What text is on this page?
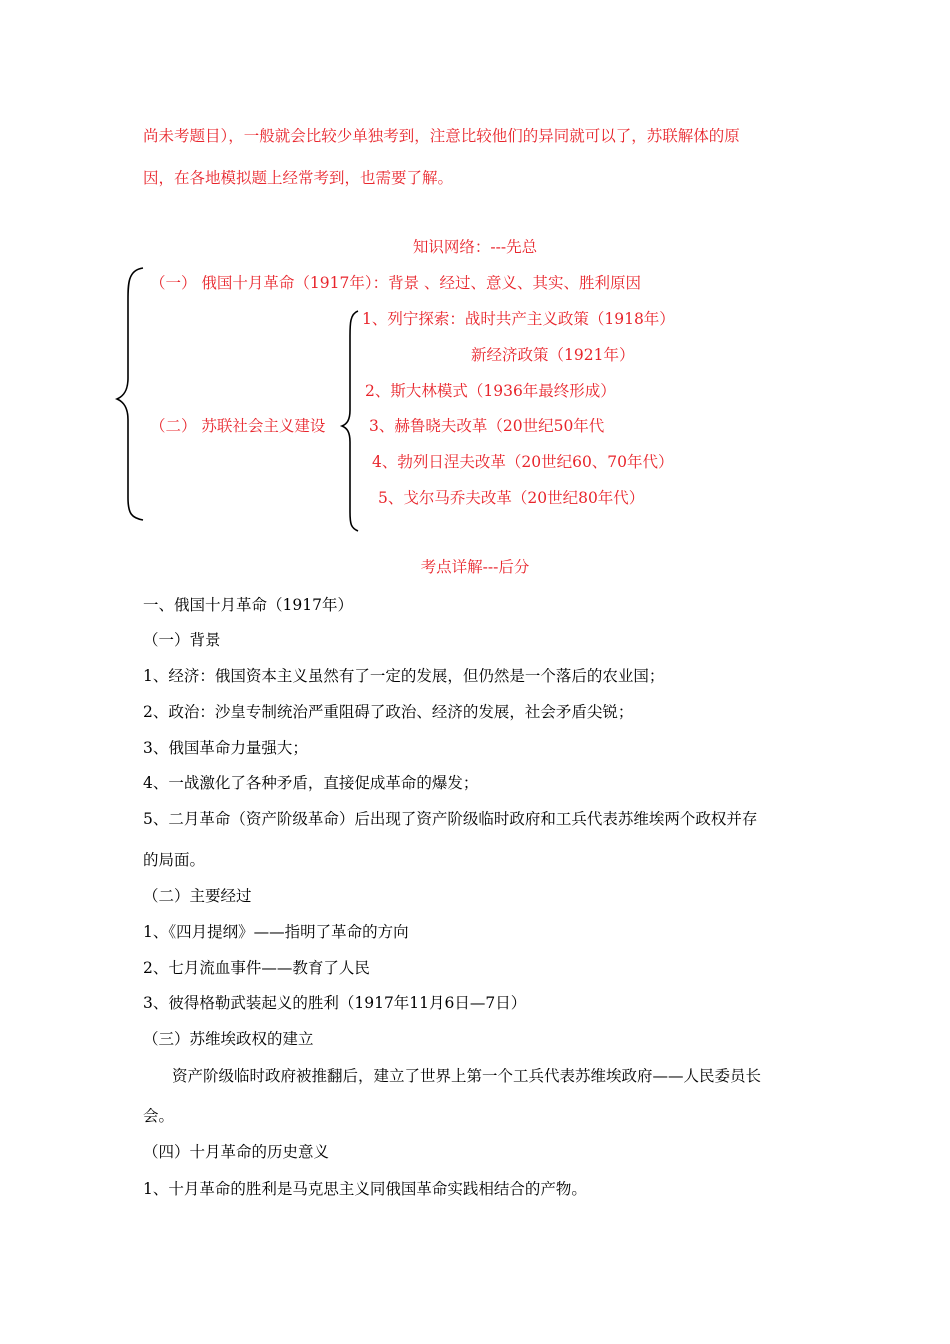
尚未考题目），一般就会比较少单独考到，注意比较他们的异同就可以了，苏联解体的原
因，在各地模拟题上经常考到，也需要了解。
知识网络：---先总
（一） 俄国十月革命（1917年）：背景 、经过、意义、其实、胜利原因
（二） 苏联社会主义建设
1、列宁探索：战时共产主义政策（1918年）
新经济政策（1921年）
2、斯大林模式（1936年最终形成）
3、赫鲁晓夫改革（20世纪50年代
4、勃列日涅夫改革（20世纪60、70年代）
5、戈尔马乔夫改革（20世纪80年代）
考点详解---后分
一、俄国十月革命（1917年）
（一）背景
1、经济：俄国资本主义虽然有了一定的发展，但仍然是一个落后的农业国；
2、政治：沙皇专制统治严重阻碍了政治、经济的发展，社会矛盾尖锐；
3、俄国革命力量强大；
4、一战激化了各种矛盾，直接促成革命的爆发；
5、二月革命（资产阶级革命）后出现了资产阶级临时政府和工兵代表苏维埃两个政权并存
的局面。
（二）主要经过
1、《四月提纲》——指明了革命的方向
2、七月流血事件——教育了人民
3、彼得格勒武装起义的胜利（1917年11月6日—7日）
（三）苏维埃政权的建立
资产阶级临时政府被推翻后，建立了世界上第一个工兵代表苏维埃政府——人民委员长
会。
（四）十月革命的历史意义
1、十月革命的胜利是马克思主义同俄国革命实践相结合的产物。
